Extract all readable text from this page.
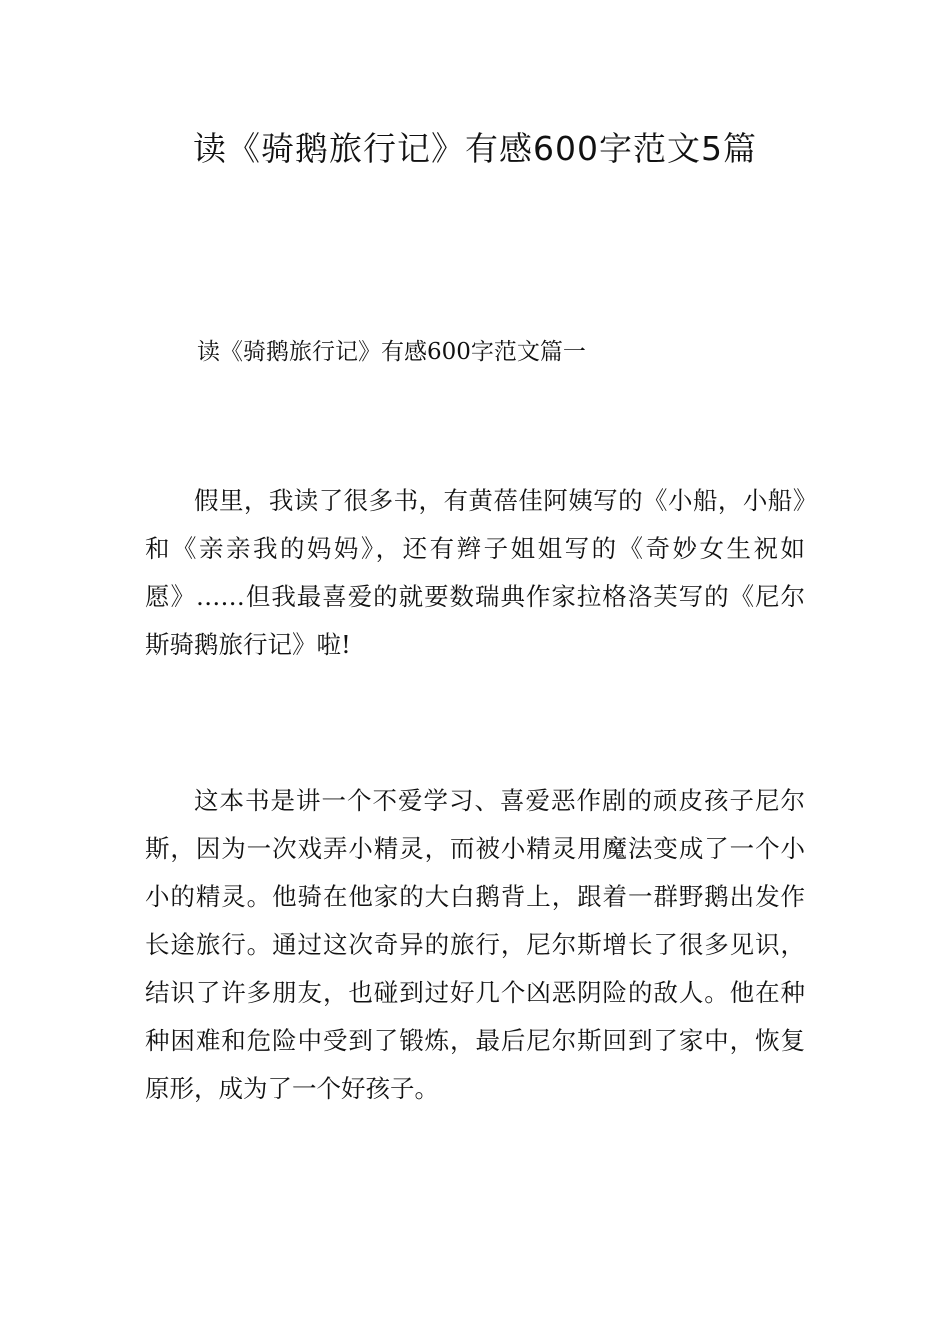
读《骑鹅旅行记》有感600字范文5篇
读《骑鹅旅行记》有感600字范文篇一

假里，我读了很多书，有黄蓓佳阿姨写的《小船，小船》和《亲亲我的妈妈》，还有辫子姐姐写的《奇妙女生祝如愿》……但我最喜爱的就要数瑞典作家拉格洛芙写的《尼尔斯骑鹅旅行记》啦!

这本书是讲一个不爱学习、喜爱恶作剧的顽皮孩子尼尔斯，因为一次戏弄小精灵，而被小精灵用魔法变成了一个小小的精灵。他骑在他家的大白鹅背上，跟着一群野鹅出发作长途旅行。通过这次奇异的旅行，尼尔斯增长了很多见识，结识了许多朋友，也碰到过好几个凶恶阴险的敌人。他在种种困难和危险中受到了锻炼，最后尼尔斯回到了家中，恢复原形，成为了一个好孩子。
